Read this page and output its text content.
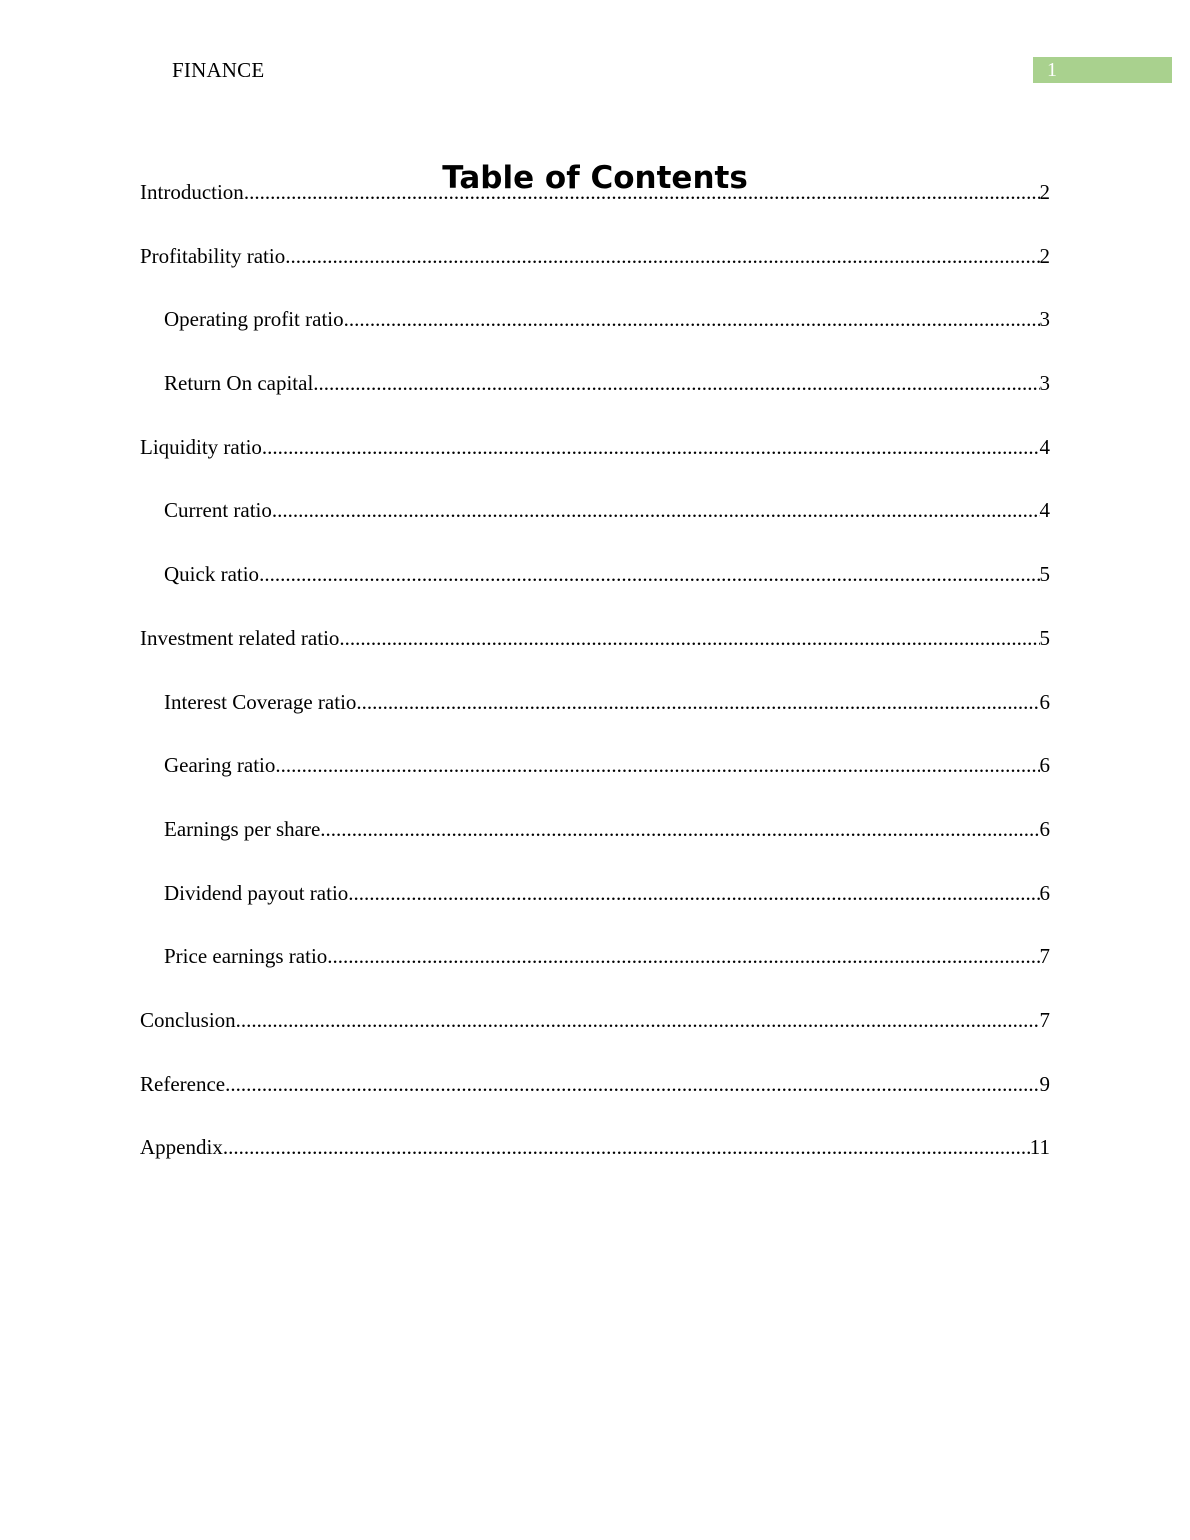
FINANCE	1
Table of Contents
Introduction .....	2
Profitability ratio .....	2
Operating profit ratio .....	3
Return On capital .....	3
Liquidity ratio .....	4
Current ratio .....	4
Quick ratio .....	5
Investment related ratio .....	5
Interest Coverage ratio .....	6
Gearing ratio .....	6
Earnings per share .....	6
Dividend payout ratio .....	6
Price earnings ratio .....	7
Conclusion .....	7
Reference .....	9
Appendix .....	11
